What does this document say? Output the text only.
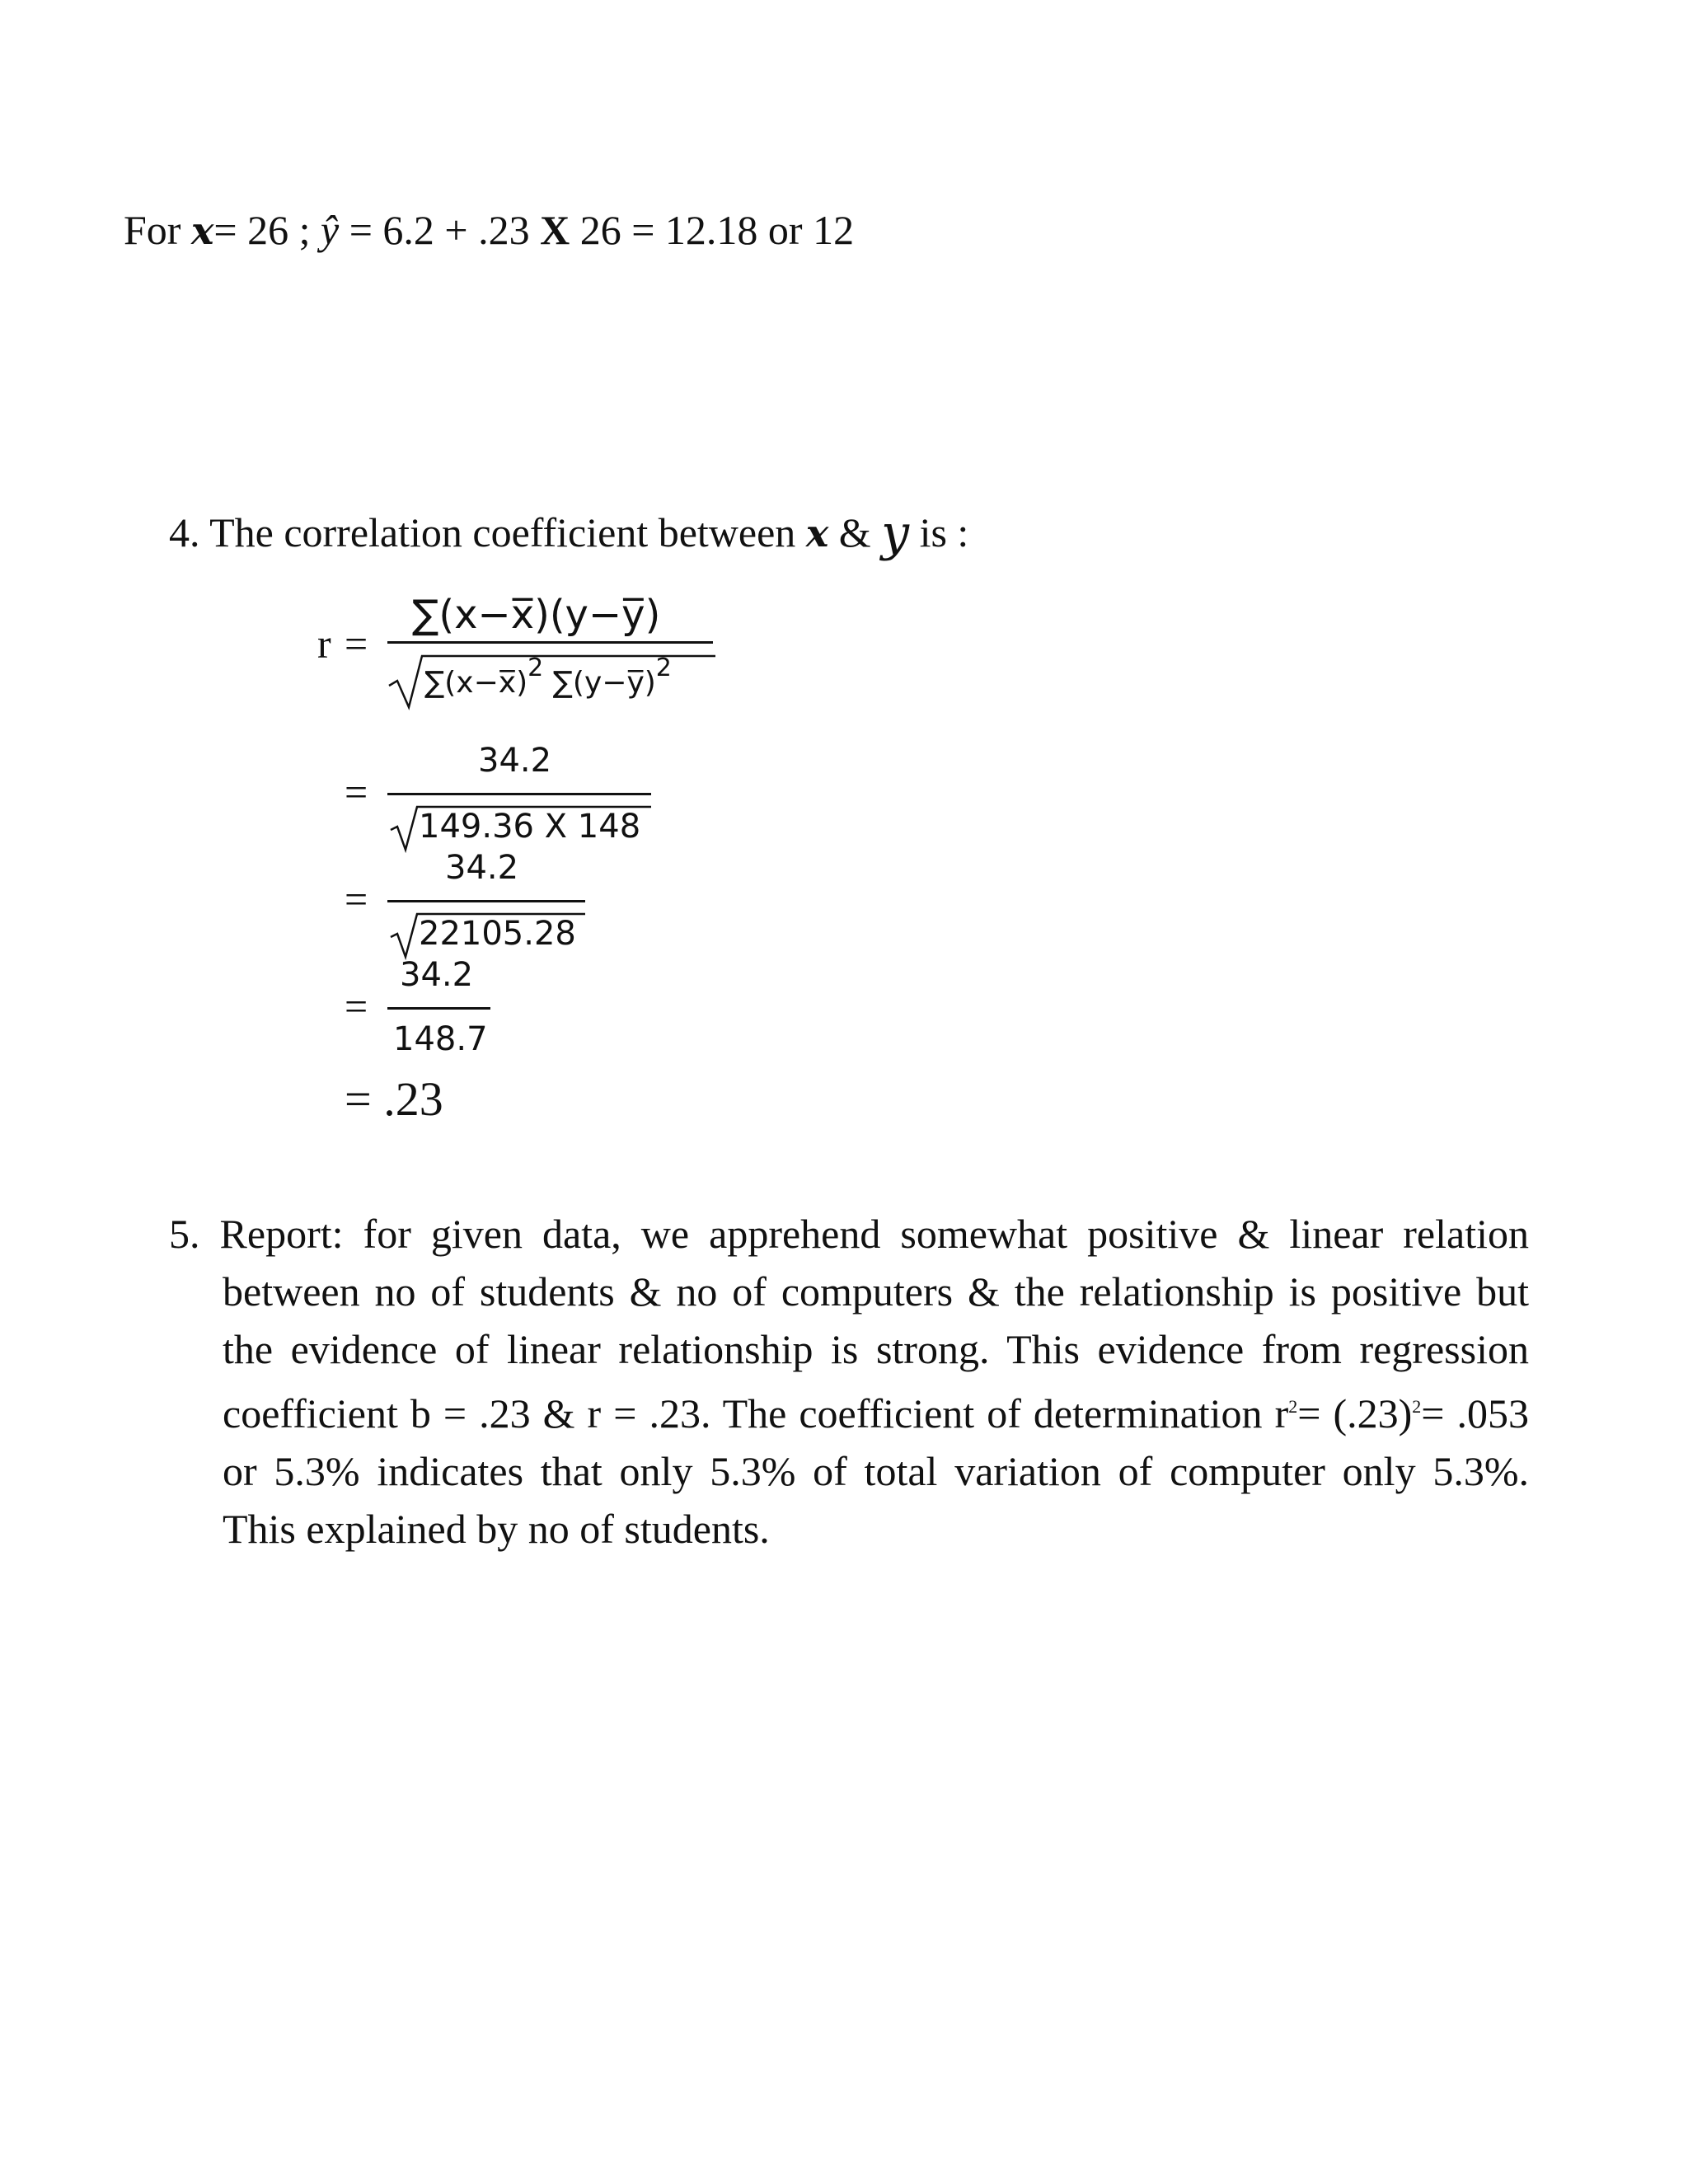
For x= 26 ; ŷ = 6.2 + .23 X 26 = 12.18 or 12
4. The correlation coefficient between x & y is :
r =
∑(x−x̅)(y−y̅)
∑(x−x̅)$^2$ ∑(y−y̅)$^2$
=
34.2
149.36 X 148
=
34.2
22105.28
=
34.2
148.7
= .23
5. Report: for given data, we apprehend somewhat positive & linear relation between no of students & no of computers & the relationship is positive but the evidence of linear relationship is strong. This evidence from regression coefficient b = .23 & r = .23. The coefficient of determination $r^2= (.23)^2= .053$ or 5.3% indicates that only 5.3% of total variation of computer only 5.3%. This explained by no of students.
